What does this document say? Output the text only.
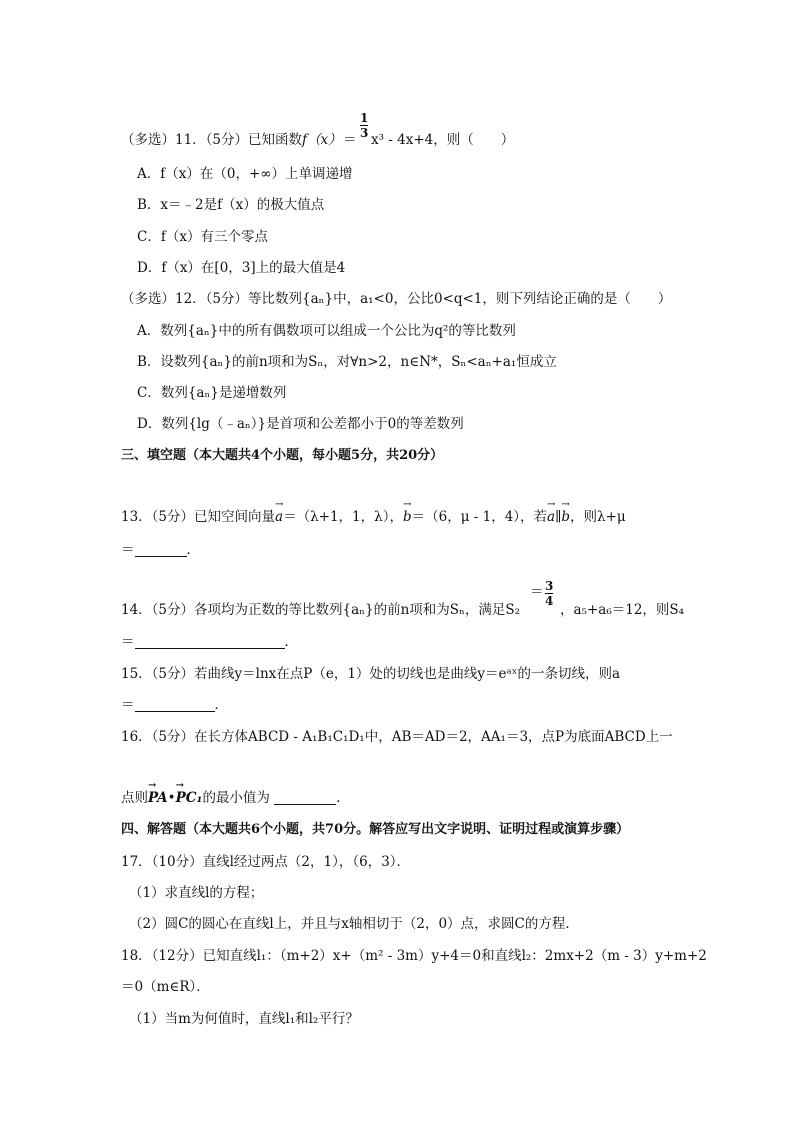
（多选）11．（5分）已知函数f（x） ＝
1
3 x³ - 4x+4，则（　　）
A．f（x）在（0，+∞）上单调递增
B．x＝﹣2是f（x）的极大值点
C．f（x）有三个零点
D．f（x）在[0，3]上的最大值是4
（多选）12．（5分）等比数列{aₙ}中，a₁<0，公比0<q<1，则下列结论正确的是（　　）
A．数列{aₙ}中的所有偶数项可以组成一个公比为q²的等比数列
B．设数列{aₙ}的前n项和为Sₙ，对∀n>2，n∈N*，Sₙ<aₙ+a₁恒成立
C．数列{aₙ}是递增数列
D．数列{lg（﹣aₙ）}是首项和公差都小于0的等差数列
三、填空题（本大题共4个小题，每小题5分，共20分）
13．（5分）已知空间向量→ a＝（λ+1，1，λ），→ b＝（6，μ - 1，4），若→ a∥→ b，则λ+μ
＝	．
14．（5分）各项均为正数的等比数列{aₙ}的前n项和为Sₙ，满足S₂
＝ 3
4
，a₅+a₆＝12，则S₄
＝	．
15．（5分）若曲线y＝lnx在点P（e，1）处的切线也是曲线y＝eᵃˣ的一条切线，则a
＝	．
16．（5分）在长方体ABCD - A₁B₁C₁D₁中，AB＝AD＝2，AA₁＝3，点P为底面ABCD上一
点则→ PA•→ PC₁的最小值为	．
四、解答题（本大题共6个小题，共70分。解答应写出文字说明、证明过程或演算步骤）
17．（10分）直线l经过两点（2，1），（6，3）．
（1）求直线l的方程；
（2）圆C的圆心在直线l上，并且与x轴相切于（2，0）点，求圆C的方程．
18．（12分）已知直线l₁：（m+2）x+（m² - 3m）y+4＝0和直线l₂：2mx+2（m - 3）y+m+2
＝0（m∈R）．
（1）当m为何值时，直线l₁和l₂平行？
